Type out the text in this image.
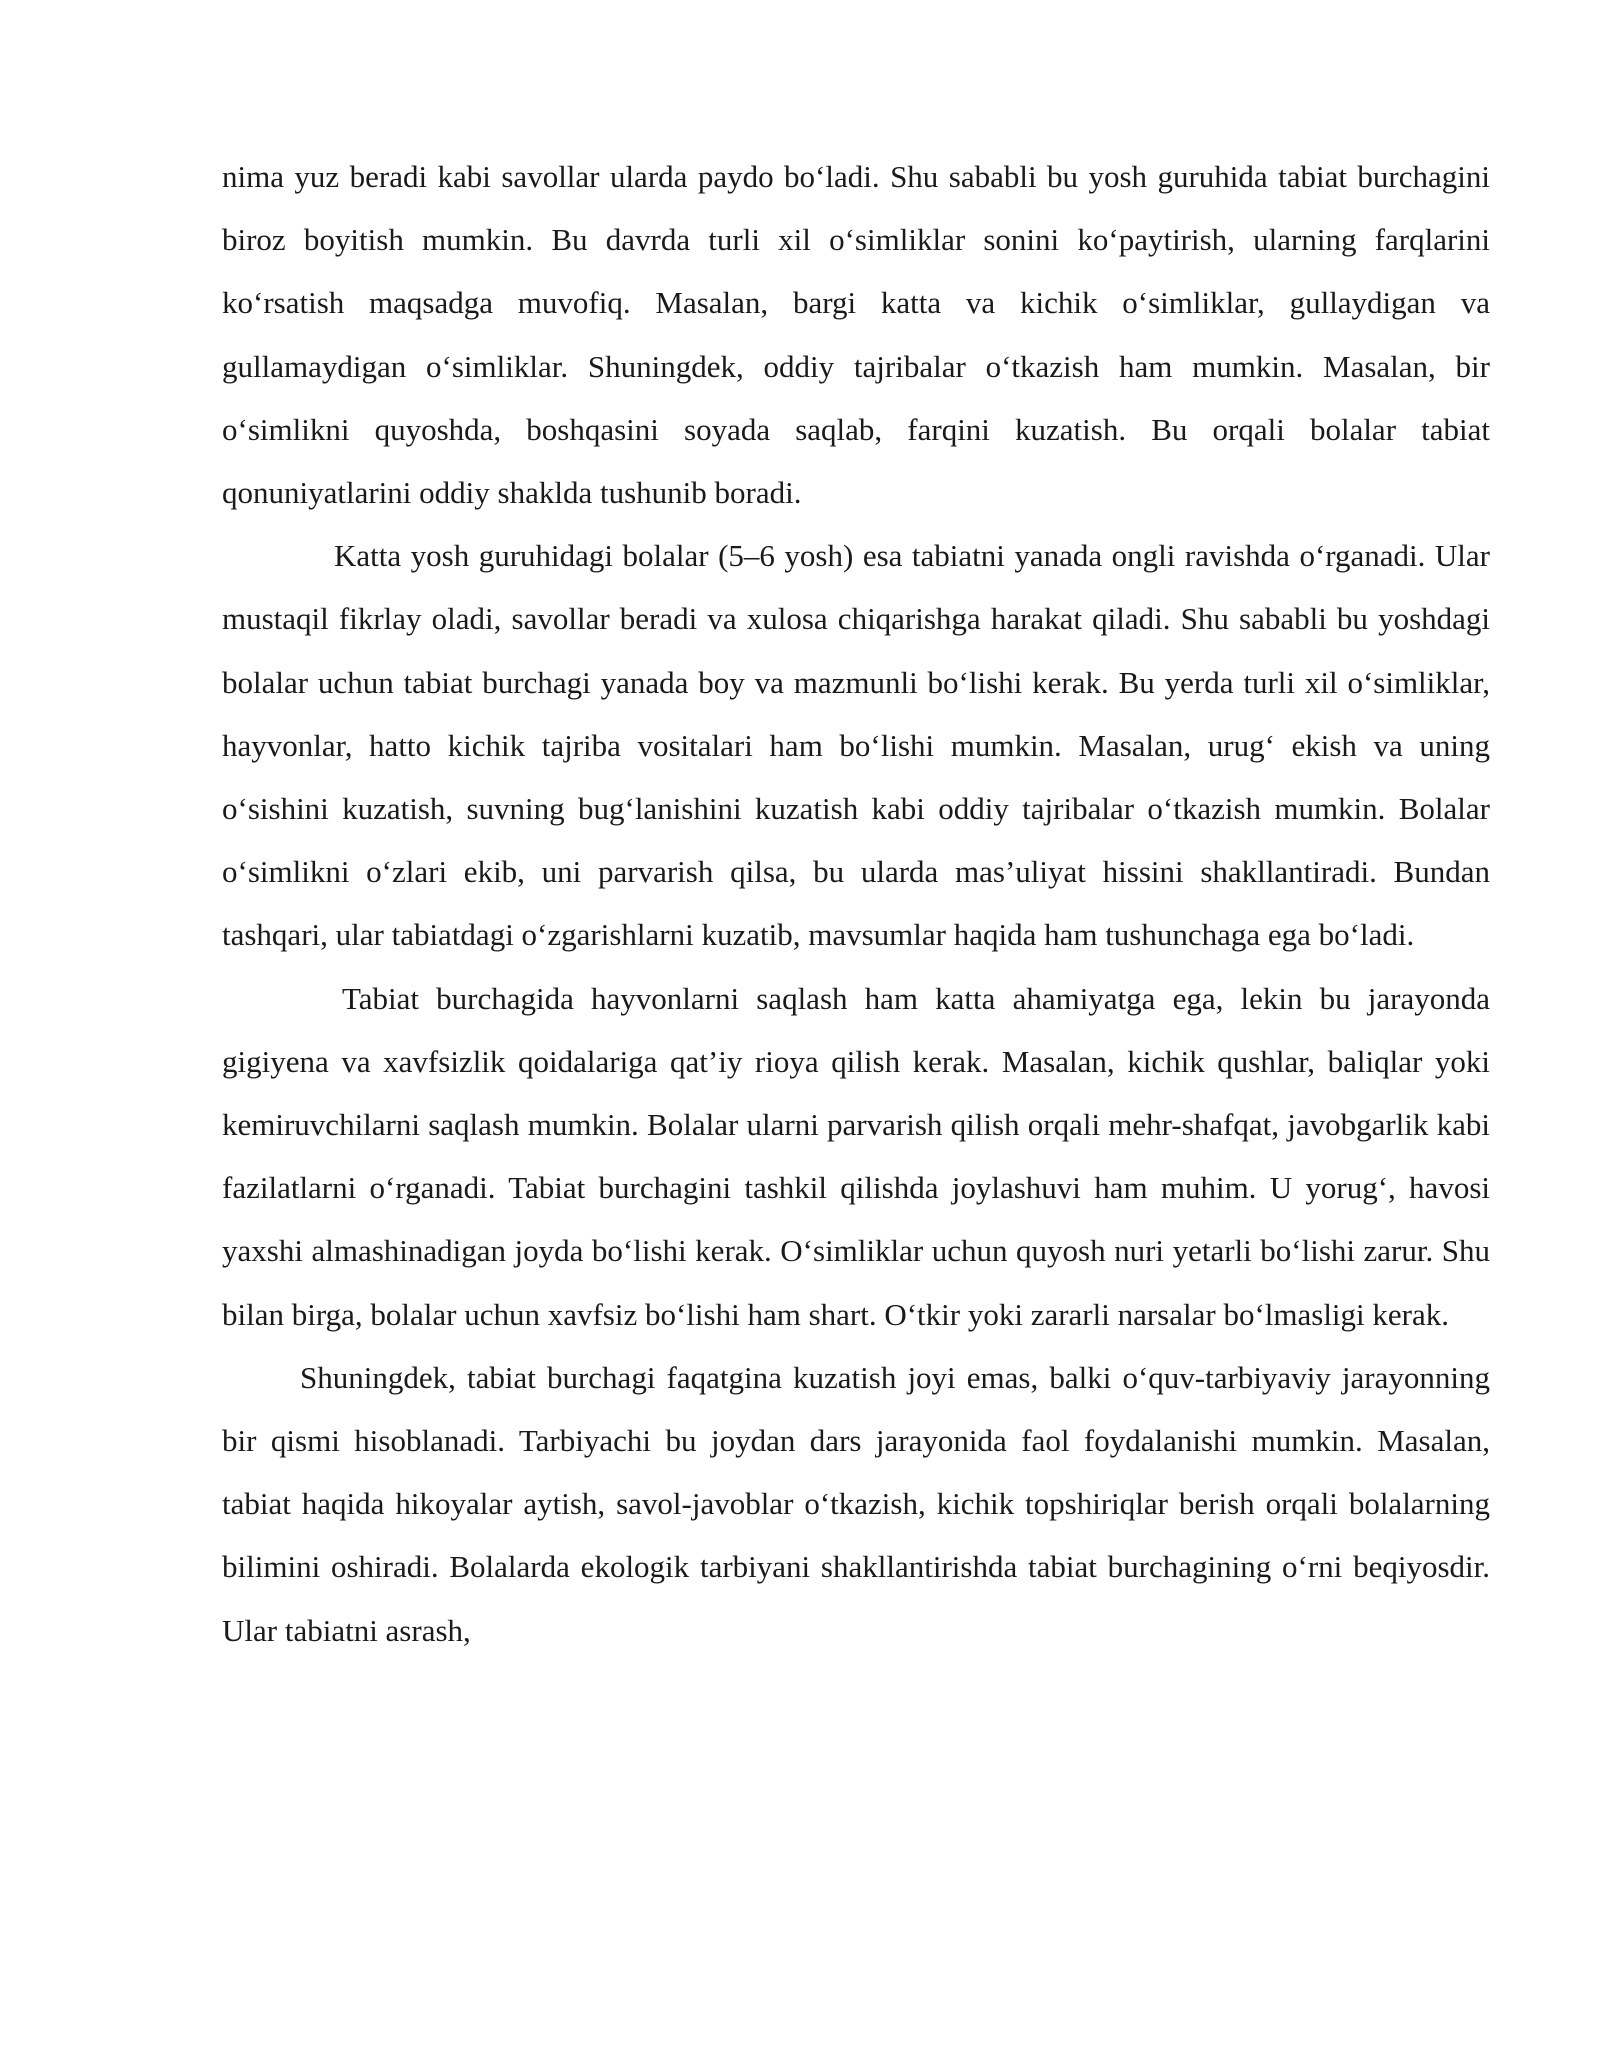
nima yuz beradi kabi savollar ularda paydo bo‘ladi. Shu sababli bu yosh guruhida tabiat burchagini biroz boyitish mumkin. Bu davrda turli xil o‘simliklar sonini ko‘paytirish, ularning farqlarini ko‘rsatish maqsadga muvofiq. Masalan, bargi katta va kichik o‘simliklar, gullaydigan va gullamaydigan o‘simliklar. Shuningdek, oddiy tajribalar o‘tkazish ham mumkin. Masalan, bir o‘simlikni quyoshda, boshqasini soyada saqlab, farqini kuzatish. Bu orqali bolalar tabiat qonuniyatlarini oddiy shaklda tushunib boradi.

Katta yosh guruhidagi bolalar (5–6 yosh) esa tabiatni yanada ongli ravishda o‘rganadi. Ular mustaqil fikrlay oladi, savollar beradi va xulosa chiqarishga harakat qiladi. Shu sababli bu yoshdagi bolalar uchun tabiat burchagi yanada boy va mazmunli bo‘lishi kerak. Bu yerda turli xil o‘simliklar, hayvonlar, hatto kichik tajriba vositalari ham bo‘lishi mumkin. Masalan, urug‘ ekish va uning o‘sishini kuzatish, suvning bug‘lanishini kuzatish kabi oddiy tajribalar o‘tkazish mumkin. Bolalar o‘simlikni o‘zlari ekib, uni parvarish qilsa, bu ularda mas’uliyat hissini shakllantiradi. Bundan tashqari, ular tabiatdagi o‘zgarishlarni kuzatib, mavsumlar haqida ham tushunchaga ega bo‘ladi.

Tabiat burchagida hayvonlarni saqlash ham katta ahamiyatga ega, lekin bu jarayonda gigiyena va xavfsizlik qoidalariga qat’iy rioya qilish kerak. Masalan, kichik qushlar, baliqlar yoki kemiruvchilarni saqlash mumkin. Bolalar ularni parvarish qilish orqali mehr-shafqat, javobgarlik kabi fazilatlarni o‘rganadi. Tabiat burchagini tashkil qilishda joylashuvi ham muhim. U yorug‘, havosi yaxshi almashinadigan joyda bo‘lishi kerak. O‘simliklar uchun quyosh nuri yetarli bo‘lishi zarur. Shu bilan birga, bolalar uchun xavfsiz bo‘lishi ham shart. O‘tkir yoki zararli narsalar bo‘lmasligi kerak.

Shuningdek, tabiat burchagi faqatgina kuzatish joyi emas, balki o‘quv-tarbiyaviy jarayonning bir qismi hisoblanadi. Tarbiyachi bu joydan dars jarayonida faol foydalanishi mumkin. Masalan, tabiat haqida hikoyalar aytish, savol-javoblar o‘tkazish, kichik topshiriqlar berish orqali bolalarning bilimini oshiradi. Bolalarda ekologik tarbiyani shakllantirishda tabiat burchagining o‘rni beqiyosdir. Ular tabiatni asrash,
